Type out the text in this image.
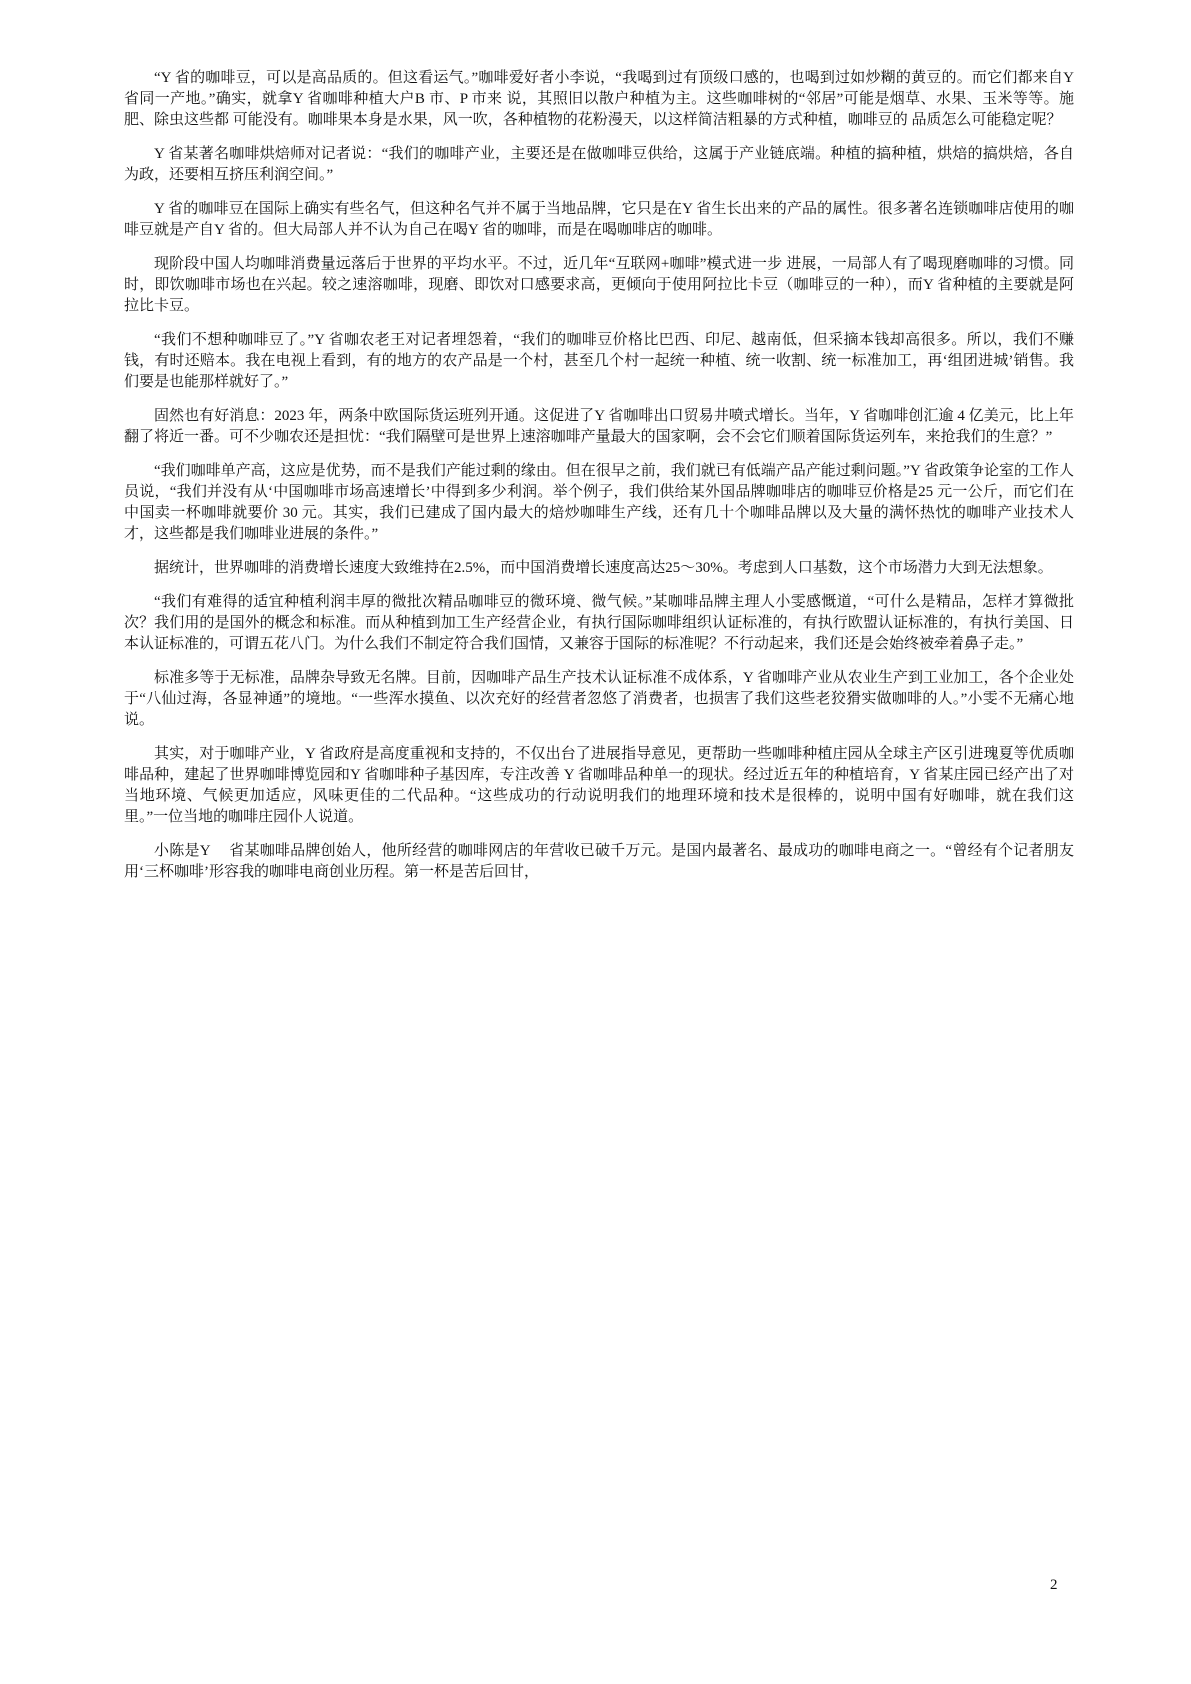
“Y 省的咖啡豆，可以是高品质的。但这看运气。”咖啡爱好者小李说，“我喝到过有顶级口感的，也喝到过如炒糊的黄豆的。而它们都来自Y 省同一产地。”确实，就拿Y 省咖啡种植大户B 市、P 市来 说，其照旧以散户种植为主。这些咖啡树的“邻居”可能是烟草、水果、玉米等等。施肥、除虫这些都 可能没有。咖啡果本身是水果，风一吹，各种植物的花粉漫天，以这样简洁粗暴的方式种植，咖啡豆的 品质怎么可能稳定呢？

Y 省某著名咖啡烘焙师对记者说：“我们的咖啡产业，主要还是在做咖啡豆供给，这属于产业链底端。种植的搞种植，烘焙的搞烘焙，各自为政，还要相互挤压利润空间。”

Y 省的咖啡豆在国际上确实有些名气，但这种名气并不属于当地品牌，它只是在Y 省生长出来的产品的属性。很多著名连锁咖啡店使用的咖啡豆就是产自Y 省的。但大局部人并不认为自己在喝Y 省的咖啡，而是在喝咖啡店的咖啡。

现阶段中国人均咖啡消费量远落后于世界的平均水平。不过，近几年“互联网+咖啡”模式进一步 进展，一局部人有了喝现磨咖啡的习惯。同时，即饮咖啡市场也在兴起。较之速溶咖啡，现磨、即饮对口感要求高，更倾向于使用阿拉比卡豆（咖啡豆的一种），而Y 省种植的主要就是阿拉比卡豆。

“我们不想种咖啡豆了。”Y 省咖农老王对记者埋怨着，“我们的咖啡豆价格比巴西、印尼、越南低，但采摘本钱却高很多。所以，我们不赚钱，有时还赔本。我在电视上看到，有的地方的农产品是一个村，甚至几个村一起统一种植、统一收割、统一标准加工，再‘组团进城’销售。我们要是也能那样就好了。”

固然也有好消息：2023 年，两条中欧国际货运班列开通。这促进了Y 省咖啡出口贸易井喷式增长。当年，Y 省咖啡创汇逾 4 亿美元，比上年翻了将近一番。可不少咖农还是担忧：“我们隔壁可是世界上速溶咖啡产量最大的国家啊，会不会它们顺着国际货运列车，来抢我们的生意？”

“我们咖啡单产高，这应是优势，而不是我们产能过剩的缘由。但在很早之前，我们就已有低端产品产能过剩问题。”Y 省政策争论室的工作人员说，“我们并没有从‘中国咖啡市场高速增长’中得到多少利润。举个例子，我们供给某外国品牌咖啡店的咖啡豆价格是25 元一公斤，而它们在中国卖一杯咖啡就要价 30 元。其实，我们已建成了国内最大的焙炒咖啡生产线，还有几十个咖啡品牌以及大量的满怀热忱的咖啡产业技术人才，这些都是我们咖啡业进展的条件。”

据统计，世界咖啡的消费增长速度大致维持在2.5%，而中国消费增长速度高达25～30%。考虑到人口基数，这个市场潜力大到无法想象。

“我们有难得的适宜种植利润丰厚的微批次精品咖啡豆的微环境、微气候。”某咖啡品牌主理人小雯感慨道，“可什么是精品，怎样才算微批次？我们用的是国外的概念和标准。而从种植到加工生产经营企业，有执行国际咖啡组织认证标准的，有执行欧盟认证标准的，有执行美国、日本认证标准的，可谓五花八门。为什么我们不制定符合我们国情，又兼容于国际的标准呢？不行动起来，我们还是会始终被牵着鼻子走。”

标准多等于无标准，品牌杂导致无名牌。目前，因咖啡产品生产技术认证标准不成体系，Y 省咖啡产业从农业生产到工业加工，各个企业处于“八仙过海，各显神通”的境地。“一些浑水摸鱼、以次充好的经营者忽悠了消费者，也损害了我们这些老狡猾实做咖啡的人。”小雯不无痛心地说。

其实，对于咖啡产业，Y 省政府是高度重视和支持的，不仅出台了进展指导意见，更帮助一些咖啡种植庄园从全球主产区引进瑰夏等优质咖啡品种，建起了世界咖啡博览园和Y 省咖啡种子基因库，专注改善 Y 省咖啡品种单一的现状。经过近五年的种植培育，Y 省某庄园已经产出了对当地环境、气候更加适应，风味更佳的二代品种。“这些成功的行动说明我们的地理环境和技术是很棒的，说明中国有好咖啡，就在我们这里。”一位当地的咖啡庄园仆人说道。

小陈是Y 　省某咖啡品牌创始人，他所经营的咖啡网店的年营收已破千万元。是国内最著名、最成功的咖啡电商之一。“曾经有个记者朋友用‘三杯咖啡’形容我的咖啡电商创业历程。第一杯是苦后回甘，

2
